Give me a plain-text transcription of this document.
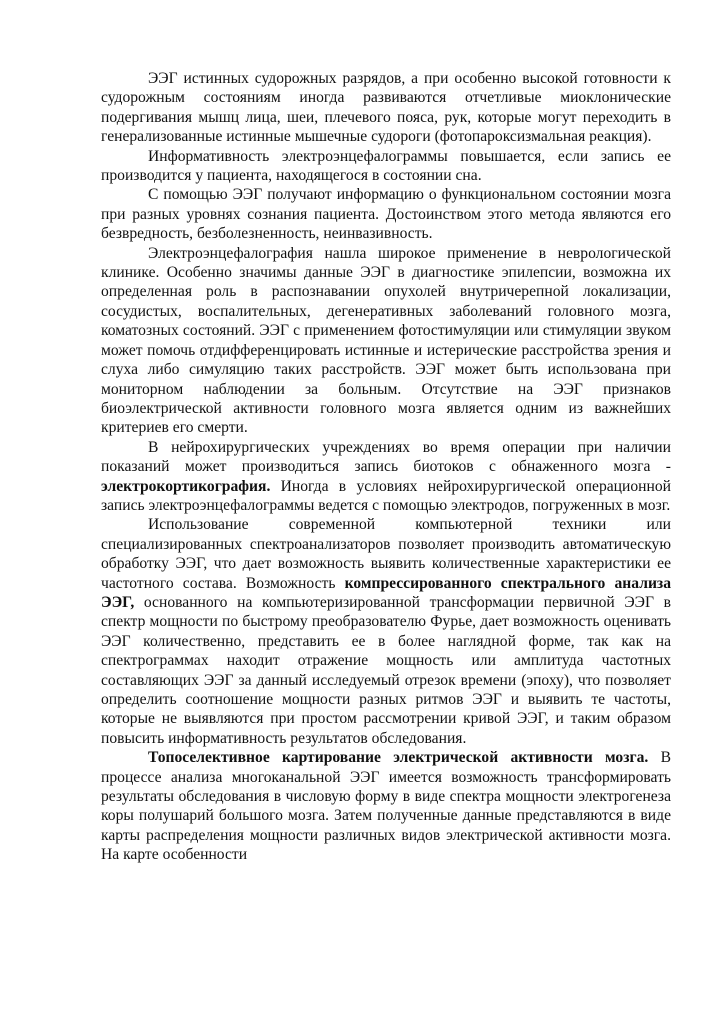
ЭЭГ истинных судорожных разрядов, а при особенно высокой готовности к судорожным состояниям иногда развиваются отчетливые миоклонические подергивания мышц лица, шеи, плечевого пояса, рук, которые могут переходить в генерализованные истинные мышечные судороги (фотопароксизмальная реакция).

Информативность электроэнцефалограммы повышается, если запись ее производится у пациента, находящегося в состоянии сна.

С помощью ЭЭГ получают информацию о функциональном состоянии мозга при разных уровнях сознания пациента. Достоинством этого метода являются его безвредность, безболезненность, неинвазивность.

Электроэнцефалография нашла широкое применение в неврологической клинике. Особенно значимы данные ЭЭГ в диагностике эпилепсии, возможна их определенная роль в распознавании опухолей внутричерепной локализации, сосудистых, воспалительных, дегенеративных заболеваний головного мозга, коматозных состояний. ЭЭГ с применением фотостимуляции или стимуляции звуком может помочь отдифференцировать истинные и истерические расстройства зрения и слуха либо симуляцию таких расстройств. ЭЭГ может быть использована при мониторном наблюдении за больным. Отсутствие на ЭЭГ признаков биоэлектрической активности головного мозга является одним из важнейших критериев его смерти.

В нейрохирургических учреждениях во время операции при наличии показаний может производиться запись биотоков с обнаженного мозга - электрокортикография. Иногда в условиях нейрохирургической операционной запись электроэнцефалограммы ведется с помощью электродов, погруженных в мозг.

Использование современной компьютерной техники или специализированных спектроанализаторов позволяет производить автоматическую обработку ЭЭГ, что дает возможность выявить количественные характеристики ее частотного состава. Возможность компрессированного спектрального анализа ЭЭГ, основанного на компьютеризированной трансформации первичной ЭЭГ в спектр мощности по быстрому преобразователю Фурье, дает возможность оценивать ЭЭГ количественно, представить ее в более наглядной форме, так как на спектрограммах находит отражение мощность или амплитуда частотных составляющих ЭЭГ за данный исследуемый отрезок времени (эпоху), что позволяет определить соотношение мощности разных ритмов ЭЭГ и выявить те частоты, которые не выявляются при простом рассмотрении кривой ЭЭГ, и таким образом повысить информативность результатов обследования.

Топоселективное картирование электрической активности мозга. В процессе анализа многоканальной ЭЭГ имеется возможность трансформировать результаты обследования в числовую форму в виде спектра мощности электрогенеза коры полушарий большого мозга. Затем полученные данные представляются в виде карты распределения мощности различных видов электрической активности мозга. На карте особенности
